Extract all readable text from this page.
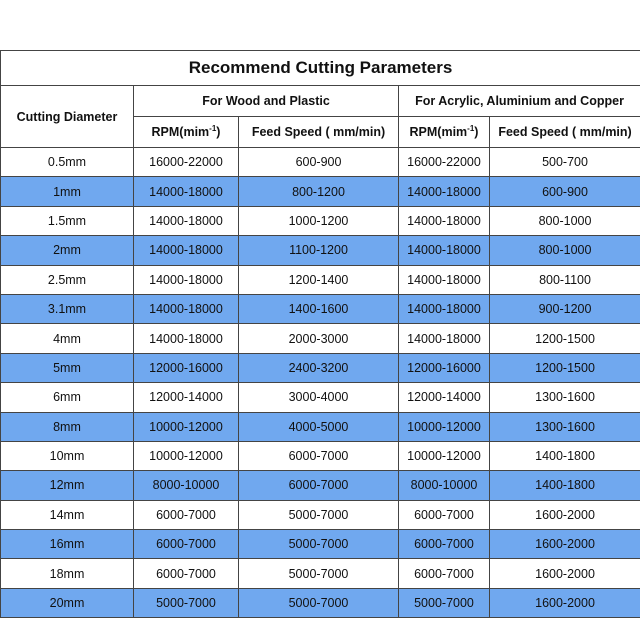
Recommend Cutting Parameters				
Cutting Diameter	For Wood and Plastic		For Acrylic, Aluminium and Copper	
	RPM(mim$^{-1}$)	Feed Speed ( mm/min)	RPM(mim$^{-1}$)	Feed Speed ( mm/min)
0.5mm	16000-22000	600-900	16000-22000	500-700
1mm	14000-18000	800-1200	14000-18000	600-900
1.5mm	14000-18000	1000-1200	14000-18000	800-1000
2mm	14000-18000	1100-1200	14000-18000	800-1000
2.5mm	14000-18000	1200-1400	14000-18000	800-1100
3.1mm	14000-18000	1400-1600	14000-18000	900-1200
4mm	14000-18000	2000-3000	14000-18000	1200-1500
5mm	12000-16000	2400-3200	12000-16000	1200-1500
6mm	12000-14000	3000-4000	12000-14000	1300-1600
8mm	10000-12000	4000-5000	10000-12000	1300-1600
10mm	10000-12000	6000-7000	10000-12000	1400-1800
12mm	8000-10000	6000-7000	8000-10000	1400-1800
14mm	6000-7000	5000-7000	6000-7000	1600-2000
16mm	6000-7000	5000-7000	6000-7000	1600-2000
18mm	6000-7000	5000-7000	6000-7000	1600-2000
20mm	5000-7000	5000-7000	5000-7000	1600-2000
